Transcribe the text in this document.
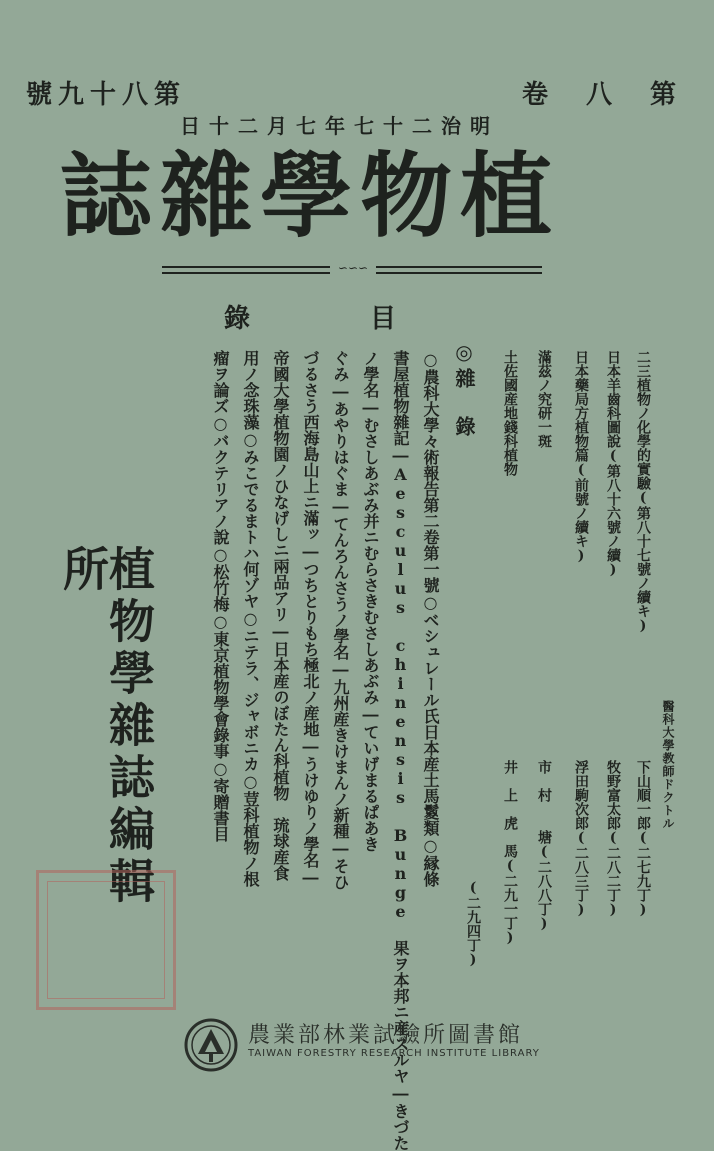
號九十八第	卷　八　第
日十二月七年七十二治明
誌雜學物植
∽∽∽
錄目
二三植物ノ化學的實驗(第八十七號ノ續キ)
日本羊齒科圖說(第八十六號ノ續)
日本藥局方植物篇(前號ノ續キ)
滿茲ノ究研一斑
土佐國産地錢科植物
醫科大學教師ドクトル
下山順一郎(二七九丁)
牧野富太郎(二八二丁)
浮田駒次郎(二八三丁)
市　村　　塘(二八八丁)
井　上　虎　馬(二九一丁)
◎雜　錄
(二九四丁)
○農科大學々術報告第二卷第一號○ベシュレール氏日本産土馬鬉類○縁條
書屋植物雜記―Aesculus chinensis Bunge 果ヲ本邦ニ産スルヤ―きづた
ノ學名―むさしあぶみ并ニむらさきむさしあぶみ―ていげまるぱあき
ぐみ―あやりはぐま―てんろんさうノ學名―九州産きけまんノ新種―そひ
づるさう西海島山上ニ滿ッ―つちとりもち極北ノ産地―うけゆりノ學名―
帝國大學植物園ノひなげしニ兩品アリ―日本産のぼたん科植物　琉球産食
用ノ念珠藻○みこでるまトハ何ゾヤ○ニテラ、ジャボニカ○荳科植物ノ根
瘤ヲ論ズ○バクテリアノ說○松竹梅○東京植物學會錄事○寄贈書目
植物學雜誌編輯所
農業部林業試驗所圖書館
TAIWAN FORESTRY RESEARCH INSTITUTE LIBRARY
